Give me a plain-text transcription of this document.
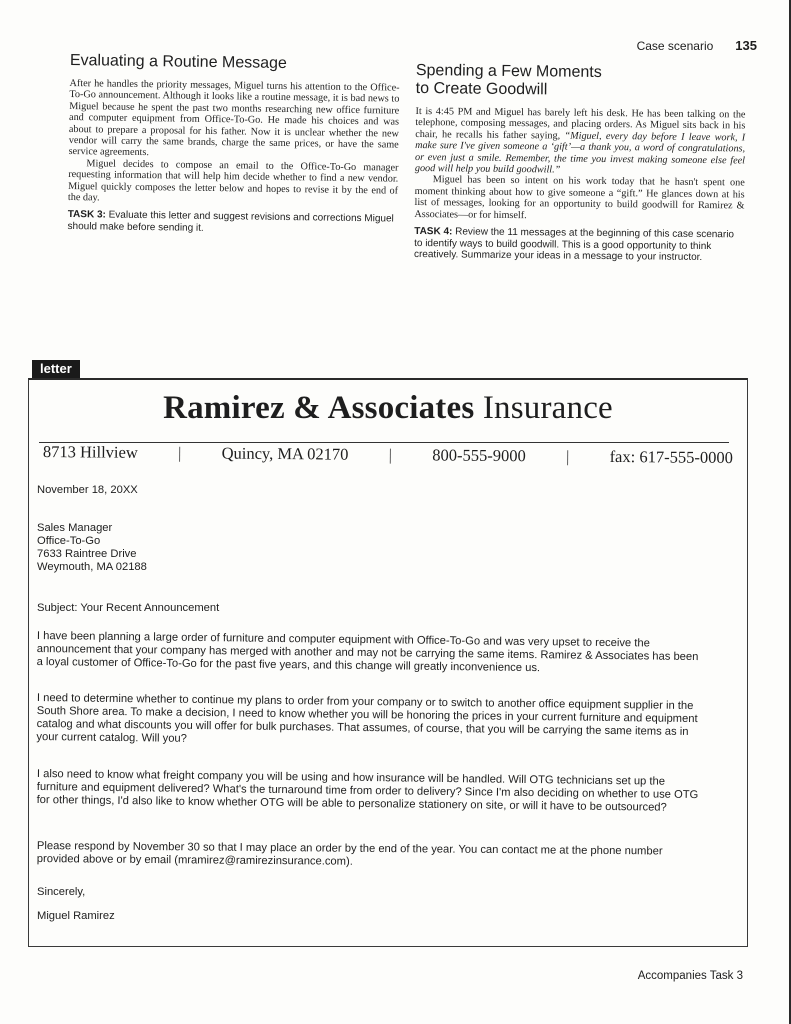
Case scenario 135
Evaluating a Routine Message

After he handles the priority messages, Miguel turns his attention to the Office-To-Go announcement. Although it looks like a routine message, it is bad news to Miguel because he spent the past two months researching new office furniture and computer equipment from Office-To-Go. He made his choices and was about to prepare a proposal for his father. Now it is unclear whether the new vendor will carry the same brands, charge the same prices, or have the same service agreements.

Miguel decides to compose an email to the Office-To-Go manager requesting information that will help him decide whether to find a new vendor. Miguel quickly composes the letter below and hopes to revise it by the end of the day.

TASK 3: Evaluate this letter and suggest revisions and corrections Miguel should make before sending it.
Spending a Few Moments
to Create Goodwill

It is 4:45 PM and Miguel has barely left his desk. He has been talking on the telephone, composing messages, and placing orders. As Miguel sits back in his chair, he recalls his father saying, “Miguel, every day before I leave work, I make sure I've given someone a ‘gift’—a thank you, a word of congratulations, or even just a smile. Remember, the time you invest making someone else feel good will help you build goodwill.”

Miguel has been so intent on his work today that he hasn't spent one moment thinking about how to give someone a “gift.” He glances down at his list of messages, looking for an opportunity to build goodwill for Ramirez & Associates—or for himself.

TASK 4: Review the 11 messages at the beginning of this case scenario to identify ways to build goodwill. This is a good opportunity to think creatively. Summarize your ideas in a message to your instructor.
letter
Ramirez & Associates Insurance
8713 Hillview | Quincy, MA 02170 | 800-555-9000 | fax: 617-555-0000
November 18, 20XX
Sales Manager
Office-To-Go
7633 Raintree Drive
Weymouth, MA 02188
Subject: Your Recent Announcement

I have been planning a large order of furniture and computer equipment with Office-To-Go and was very upset to receive the announcement that your company has merged with another and may not be carrying the same items. Ramirez & Associates has been a loyal customer of Office-To-Go for the past five years, and this change will greatly inconvenience us.

I need to determine whether to continue my plans to order from your company or to switch to another office equipment supplier in the South Shore area. To make a decision, I need to know whether you will be honoring the prices in your current furniture and equipment catalog and what discounts you will offer for bulk purchases. That assumes, of course, that you will be carrying the same items as in your current catalog. Will you?

I also need to know what freight company you will be using and how insurance will be handled. Will OTG technicians set up the furniture and equipment delivered? What's the turnaround time from order to delivery? Since I'm also deciding on whether to use OTG for other things, I'd also like to know whether OTG will be able to personalize stationery on site, or will it have to be outsourced?

Please respond by November 30 so that I may place an order by the end of the year. You can contact me at the phone number provided above or by email (mramirez@ramirezinsurance.com).

Sincerely,
Miguel Ramirez
Accompanies Task 3
